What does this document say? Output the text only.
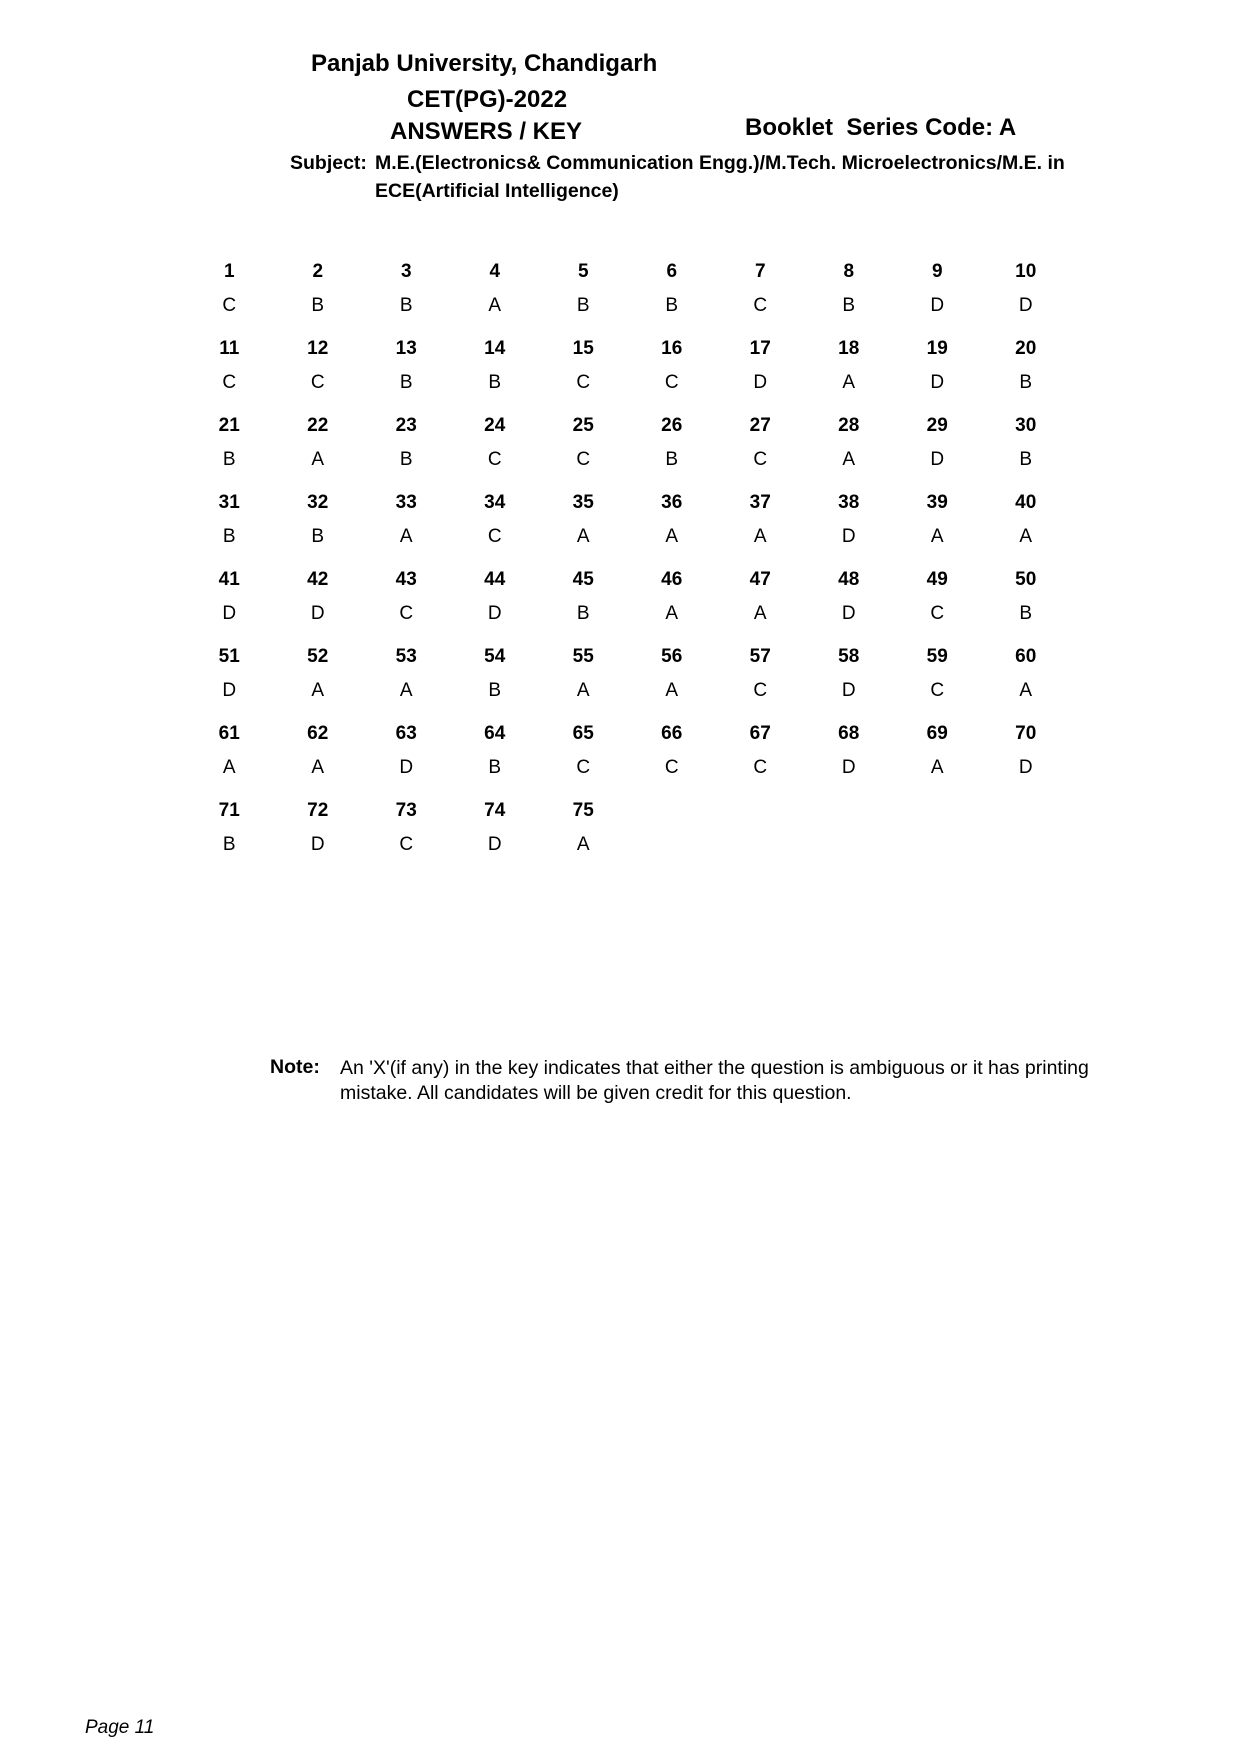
Panjab University, Chandigarh
CET(PG)-2022
ANSWERS / KEY	Booklet  Series Code: A
Subject: M.E.(Electronics& Communication Engg.)/M.Tech. Microelectronics/M.E. in
ECE(Artificial Intelligence)
1	2	3	4	5	6	7	8	9	10
C	B	B	A	B	B	C	B	D	D
11	12	13	14	15	16	17	18	19	20
C	C	B	B	C	C	D	A	D	B
21	22	23	24	25	26	27	28	29	30
B	A	B	C	C	B	C	A	D	B
31	32	33	34	35	36	37	38	39	40
B	B	A	C	A	A	A	D	A	A
41	42	43	44	45	46	47	48	49	50
D	D	C	D	B	A	A	D	C	B
51	52	53	54	55	56	57	58	59	60
D	A	A	B	A	A	C	D	C	A
61	62	63	64	65	66	67	68	69	70
A	A	D	B	C	C	C	D	A	D
71	72	73	74	75
B	D	C	D	A
Note: An 'X'(if any) in the key indicates that either the question is ambiguous or it has printing mistake. All candidates will be given credit for this question.
Page 11
